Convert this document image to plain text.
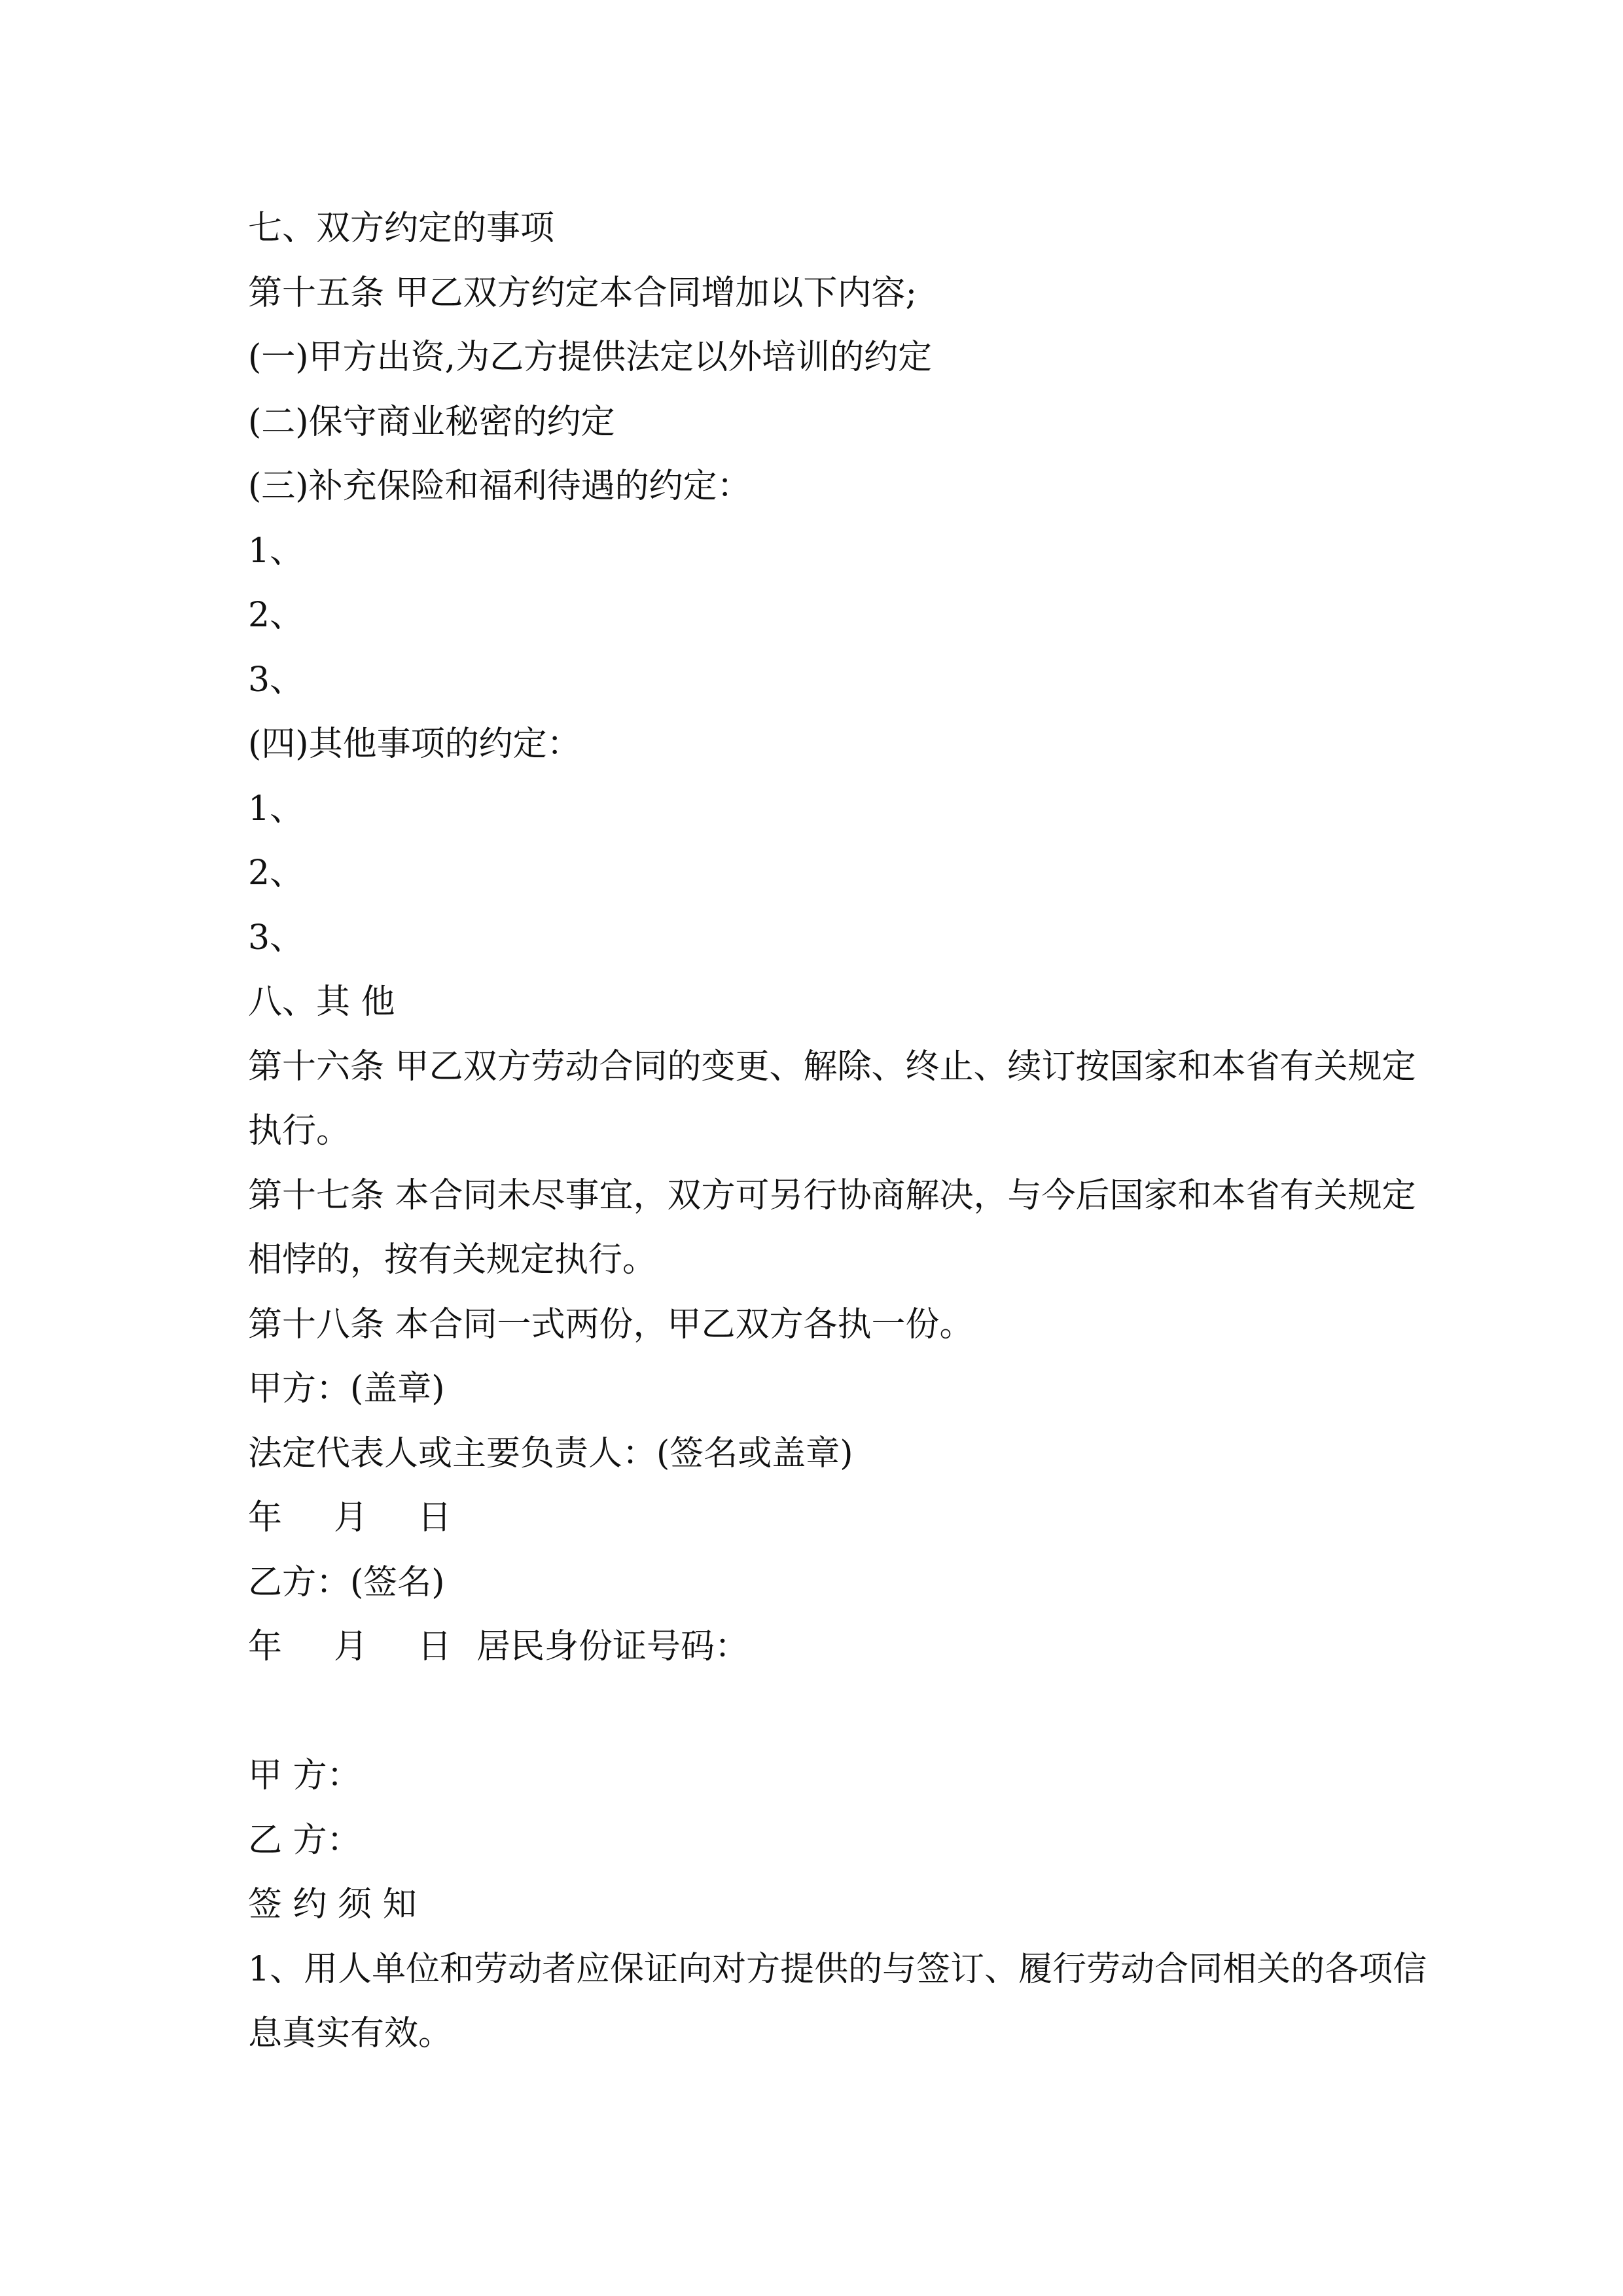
七、双方约定的事项
第十五条 甲乙双方约定本合同增加以下内容;
(一)甲方出资,为乙方提供法定以外培训的约定
(二)保守商业秘密的约定
(三)补充保险和福利待遇的约定：
1、
2、
3、
(四)其他事项的约定：
1、
2、
3、
八、其 他
第十六条 甲乙双方劳动合同的变更、解除、终止、续订按国家和本省有关规定
执行。
第十七条 本合同未尽事宜，双方可另行协商解决，与今后国家和本省有关规定
相悖的，按有关规定执行。
第十八条 本合同一式两份，甲乙双方各执一份。
甲方：(盖章)
法定代表人或主要负责人：(签名或盖章)

年

月

日

乙方：(签名)

年

月

日

居民身份证号码：

甲 方：
乙 方：
签 约 须 知
1、用人单位和劳动者应保证向对方提供的与签订、履行劳动合同相关的各项信
息真实有效。
